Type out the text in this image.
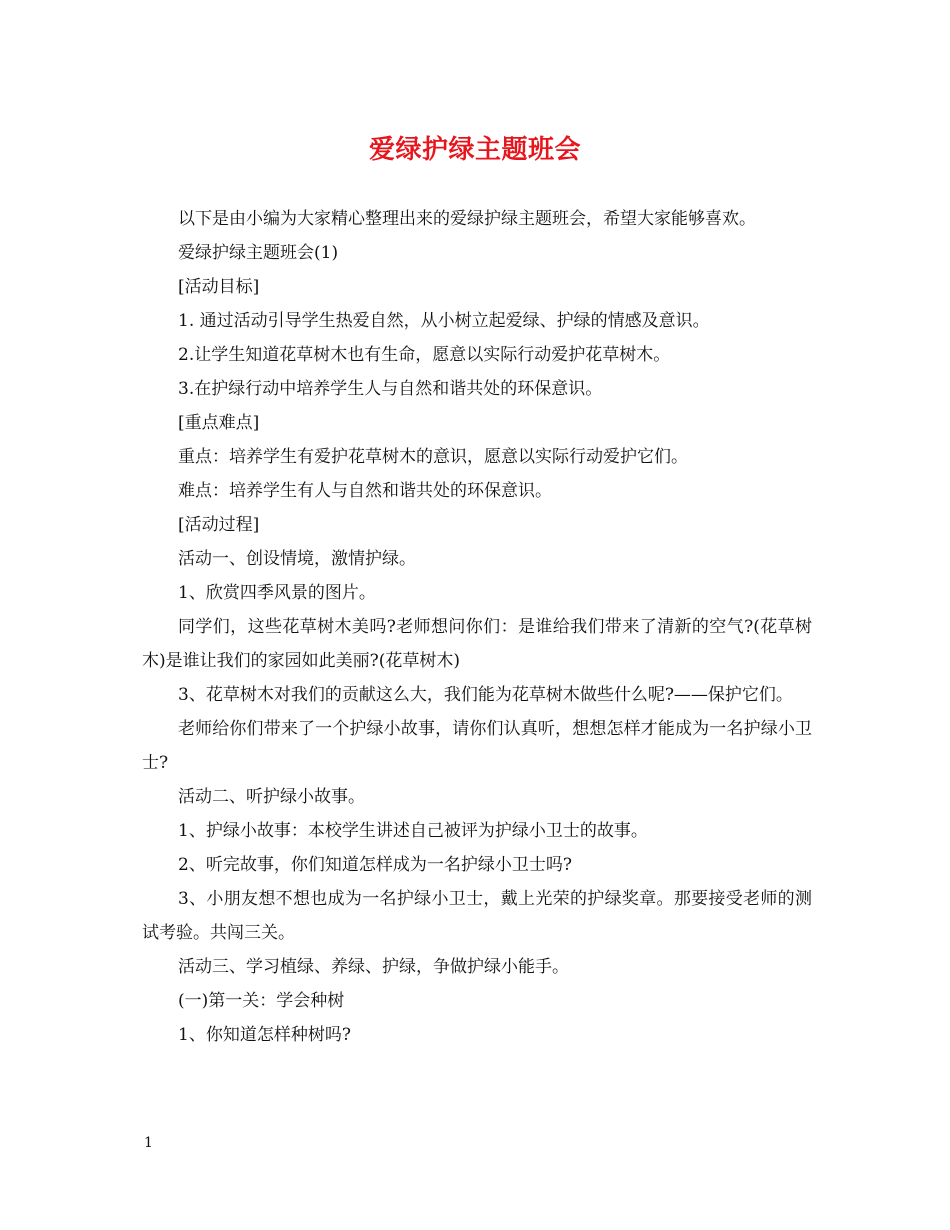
爱绿护绿主题班会

以下是由小编为大家精心整理出来的爱绿护绿主题班会，希望大家能够喜欢。

爱绿护绿主题班会(1)

[活动目标]

1. 通过活动引导学生热爱自然，从小树立起爱绿、护绿的情感及意识。

2.让学生知道花草树木也有生命，愿意以实际行动爱护花草树木。

3.在护绿行动中培养学生人与自然和谐共处的环保意识。

[重点难点]

重点：培养学生有爱护花草树木的意识，愿意以实际行动爱护它们。

难点：培养学生有人与自然和谐共处的环保意识。

[活动过程]

活动一、创设情境，激情护绿。

1、欣赏四季风景的图片。

同学们，这些花草树木美吗?老师想问你们：是谁给我们带来了清新的空气?(花草树木)是谁让我们的家园如此美丽?(花草树木)

3、花草树木对我们的贡献这么大，我们能为花草树木做些什么呢?——保护它们。

老师给你们带来了一个护绿小故事，请你们认真听，想想怎样才能成为一名护绿小卫士?

活动二、听护绿小故事。

1、护绿小故事：本校学生讲述自己被评为护绿小卫士的故事。

2、听完故事，你们知道怎样成为一名护绿小卫士吗?

3、小朋友想不想也成为一名护绿小卫士，戴上光荣的护绿奖章。那要接受老师的测试考验。共闯三关。

活动三、学习植绿、养绿、护绿，争做护绿小能手。

(一)第一关：学会种树

1、你知道怎样种树吗?

1
